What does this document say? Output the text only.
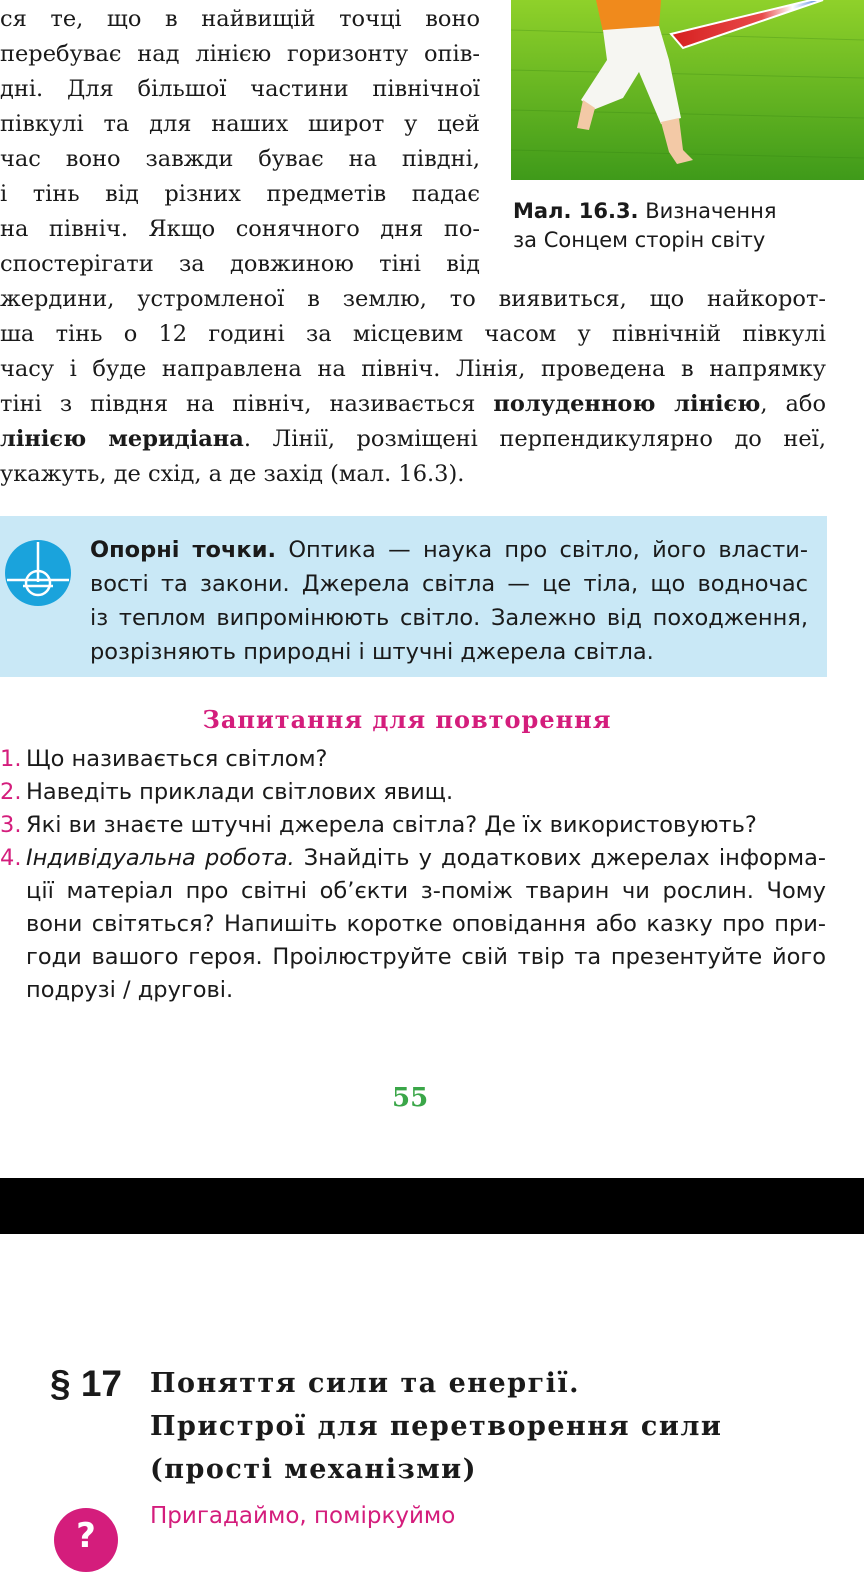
ся те, що в найвищій точці воно
перебуває над лінією горизонту опів-
дні. Для більшої частини північної
півкулі та для наших широт у цей
час воно завжди буває на півдні,
і тінь від різних предметів падає
на північ. Якщо сонячного дня по-
спостерігати за довжиною тіні від
Мал. 16.3. Визначення
за Сонцем сторін світу
жердини, устромленої в землю, то виявиться, що найкорот-
ша тінь о 12 годині за місцевим часом у північній півкулі
часу і буде направлена на північ. Лінія, проведена в напрямку
тіні з півдня на північ, називається полуденною лінією, або
лінією меридіана. Лінії, розміщені перпендикулярно до неї,
укажуть, де схід, а де захід (мал. 16.3).
Опорні точки. Оптика — наука про світло, його власти-
вості та закони. Джерела світла — це тіла, що водночас
із теплом випромінюють світло. Залежно від походження,
розрізняють природні і штучні джерела світла.
Запитання для повторення
1. Що називається світлом?
2. Наведіть приклади світлових явищ.
3. Які ви знаєте штучні джерела світла? Де їх використовують?
4. Індивідуальна робота. Знайдіть у додаткових джерелах інформа-
ції матеріал про світні об’єкти з-поміж тварин чи рослин. Чому
вони світяться? Напишіть коротке оповідання або казку про при-
годи вашого героя. Проілюструйте свій твір та презентуйте його
подрузі / другові.
55
§ 17 Поняття сили та енергії.
Пристрої для перетворення сили
(прості механізми)
?	Пригадаймо, поміркуймо
